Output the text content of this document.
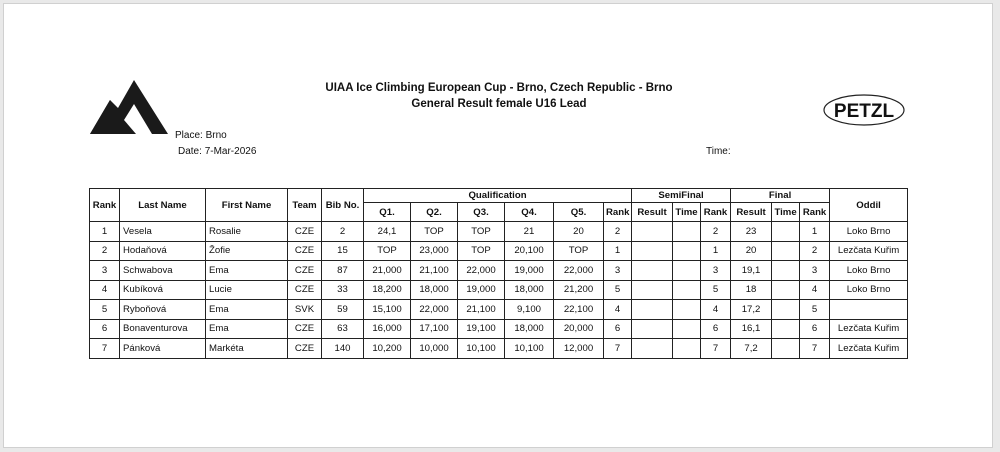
UIAA Ice Climbing European Cup - Brno, Czech Republic - Brno
General Result female U16 Lead	PETZL
Place: Brno
Date: 7-Mar-2026	Time:
Rank	Last Name	First Name	Team	Bib No.	Qualification						SemiFinal			Final			Oddil
					Q1.	Q2.	Q3.	Q4.	Q5.	Rank	Result	Time	Rank	Result	Time	Rank	
1	Vesela	Rosalie	CZE	2	24,1	TOP	TOP	21	20	2			2	23		1	Loko Brno
2	Hodaňová	Žofie	CZE	15	TOP	23,000	TOP	20,100	TOP	1			1	20		2	Lezčata Kuřim
3	Schwabova	Ema	CZE	87	21,000	21,100	22,000	19,000	22,000	3			3	19,1		3	Loko Brno
4	Kubíková	Lucie	CZE	33	18,200	18,000	19,000	18,000	21,200	5			5	18		4	Loko Brno
5	Ryboňová	Ema	SVK	59	15,100	22,000	21,100	9,100	22,100	4			4	17,2		5	
6	Bonaventurova	Ema	CZE	63	16,000	17,100	19,100	18,000	20,000	6			6	16,1		6	Lezčata Kuřim
7	Pánková	Markéta	CZE	140	10,200	10,000	10,100	10,100	12,000	7			7	7,2		7	Lezčata Kuřim
